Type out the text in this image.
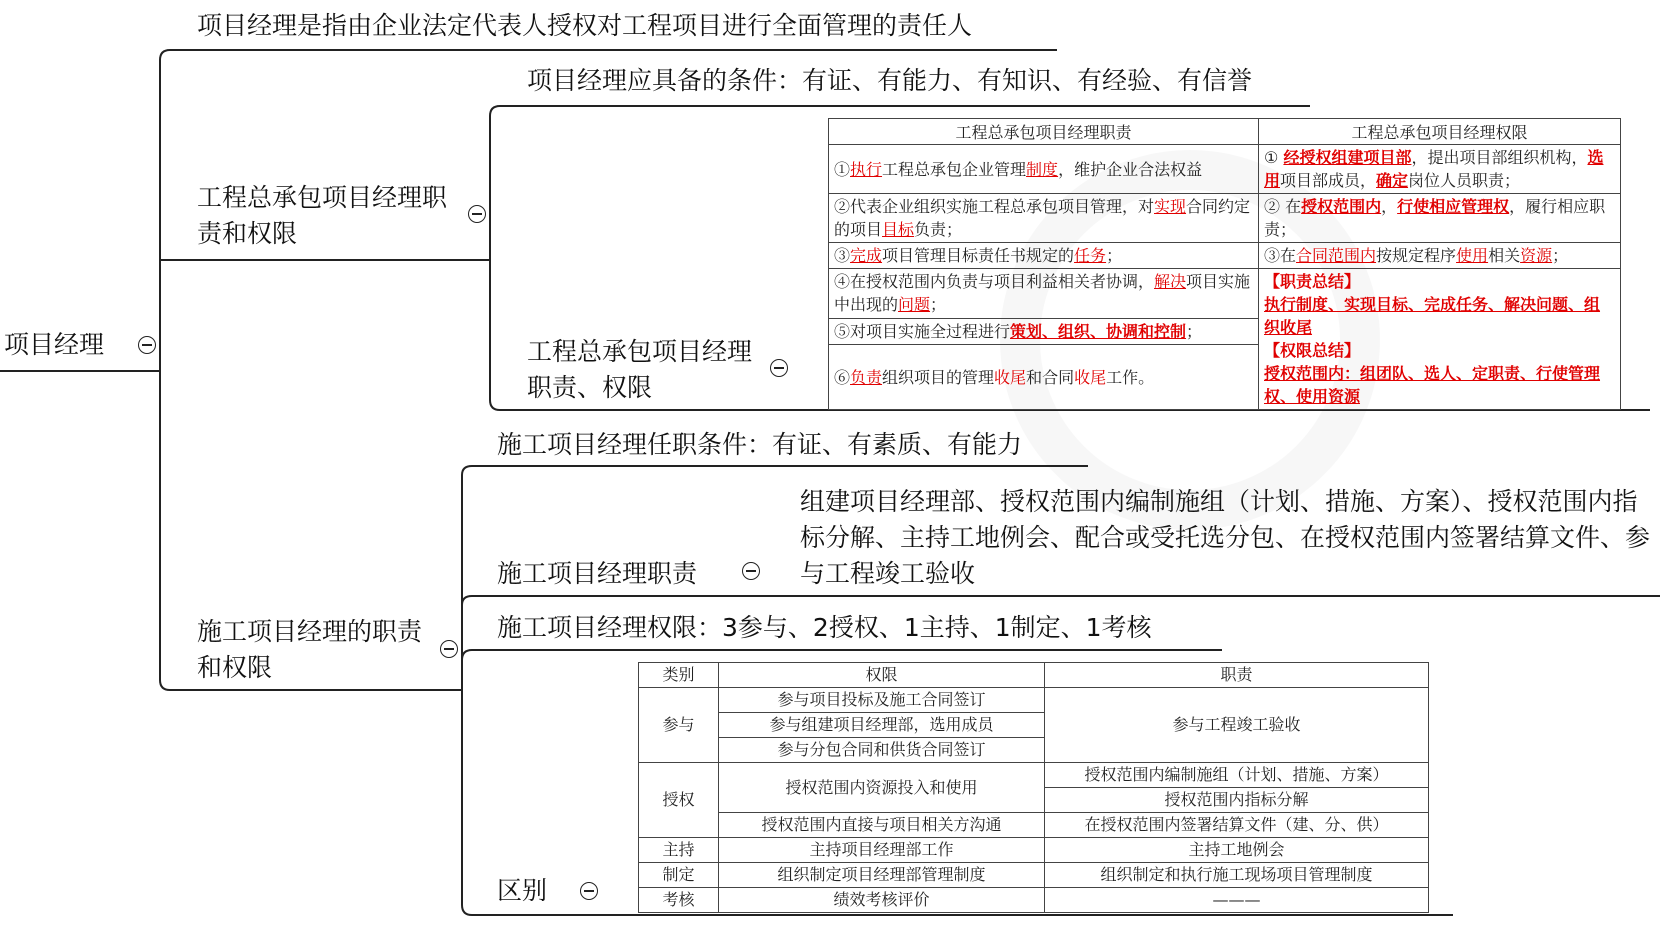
项目经理
项目经理是指由企业法定代表人授权对工程项目进行全面管理的责任人
工程总承包项目经理职责和权限
项目经理应具备的条件：有证、有能力、有知识、有经验、有信誉
工程总承包项目经理职责、权限
工程总承包项目经理职责	工程总承包项目经理权限
①执行工程总承包企业管理制度，维护企业合法权益	① 经授权组建项目部，提出项目部组织机构，选用项目部成员，确定岗位人员职责；
②代表企业组织实施工程总承包项目管理，对实现合同约定的项目目标负责；	② 在授权范围内，行使相应管理权，履行相应职责；
③完成项目管理目标责任书规定的任务；	③在合同范围内按规定程序使用相关资源；
④在授权范围内负责与项目利益相关者协调，解决项目实施中出现的问题；	【职责总结】
执行制度、实现目标、完成任务、解决问题、组织收尾
【权限总结】
授权范围内：组团队、选人、定职责、行使管理权、使用资源

⑤对项目实施全过程进行策划、组织、协调和控制；	
⑥负责组织项目的管理收尾和合同收尾工作。	
施工项目经理的职责和权限
施工项目经理任职条件：有证、有素质、有能力
施工项目经理职责
组建项目经理部、授权范围内编制施组（计划、措施、方案）、授权范围内指标分解、主持工地例会、配合或受托选分包、在授权范围内签署结算文件、参与工程竣工验收
施工项目经理权限：3参与、2授权、1主持、1制定、1考核
区别
类别	权限	职责
参与	参与项目投标及施工合同签订	参与工程竣工验收
	参与组建项目经理部，选用成员	
	参与分包合同和供货合同签订	
授权	授权范围内资源投入和使用	授权范围内编制施组（计划、措施、方案）
		授权范围内指标分解
	授权范围内直接与项目相关方沟通	在授权范围内签署结算文件（建、分、供）
主持	主持项目经理部工作	主持工地例会
制定	组织制定项目经理部管理制度	组织制定和执行施工现场项目管理制度
考核	绩效考核评价	———
